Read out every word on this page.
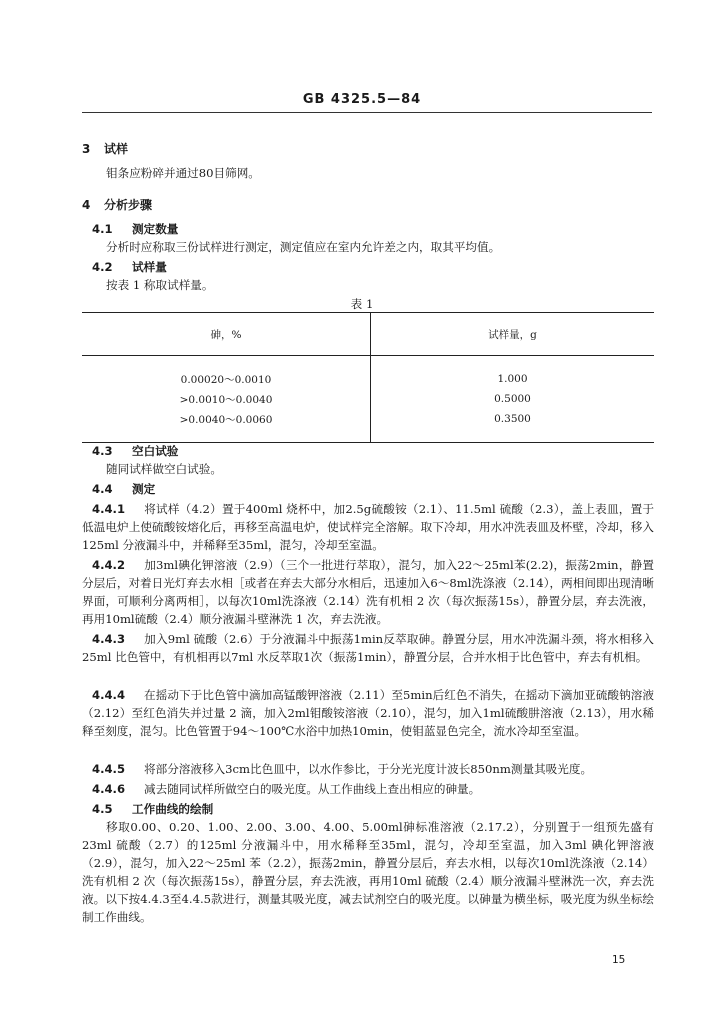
GB 4325.5—84
3 试样
钼条应粉碎并通过80目筛网。
4 分析步骤
4.1 测定数量
分析时应称取三份试样进行测定，测定值应在室内允许差之内，取其平均值。
4.2 试样量
按表 1 称取试样量。
表 1
砷，%	试样量，g
0.00020～0.0010	1.000
>0.0010～0.0040	0.5000
>0.0040～0.0060	0.3500
4.3 空白试验
随同试样做空白试验。
4.4 测定
4.4.1 将试样（4.2）置于400ml 烧杯中，加2.5g硫酸铵（2.1）、11.5ml 硫酸（2.3），盖上表皿，置于低温电炉上使硫酸铵熔化后，再移至高温电炉，使试样完全溶解。取下冷却，用水冲洗表皿及杯壁，冷却，移入125ml 分液漏斗中，并稀释至35ml，混匀，冷却至室温。
4.4.2 加3ml碘化钾溶液（2.9）（三个一批进行萃取），混匀，加入22～25ml苯(2.2)，振荡2min，静置分层后，对着日光灯弃去水相［或者在弃去大部分水相后，迅速加入6～8ml洗涤液（2.14），两相间即出现清晰界面，可顺利分离两相］，以每次10ml洗涤液（2.14）洗有机相 2 次（每次振荡15s），静置分层，弃去洗液，再用10ml硫酸（2.4）顺分液漏斗壁淋洗 1 次，弃去洗液。
4.4.3 加入9ml 硫酸（2.6）于分液漏斗中振荡1min反萃取砷。静置分层，用水冲洗漏斗颈，将水相移入25ml 比色管中，有机相再以7ml 水反萃取1次（振荡1min），静置分层，合并水相于比色管中，弃去有机相。
4.4.4 在摇动下于比色管中滴加高锰酸钾溶液（2.11）至5min后红色不消失，在摇动下滴加亚硫酸钠溶液（2.12）至红色消失并过量 2 滴，加入2ml钼酸铵溶液（2.10），混匀，加入1ml硫酸肼溶液（2.13），用水稀释至刻度，混匀。比色管置于94～100℃水浴中加热10min，使钼蓝显色完全，流水冷却至室温。
4.4.5 将部分溶液移入3cm比色皿中，以水作参比，于分光光度计波长850nm测量其吸光度。
4.4.6 减去随同试样所做空白的吸光度。从工作曲线上查出相应的砷量。
4.5 工作曲线的绘制
移取0.00、0.20、1.00、2.00、3.00、4.00、5.00ml砷标准溶液（2.17.2），分别置于一组预先盛有23ml 硫酸（2.7）的125ml 分液漏斗中，用水稀释至35ml，混匀，冷却至室温，加入3ml 碘化钾溶液（2.9），混匀，加入22～25ml 苯（2.2），振荡2min，静置分层后，弃去水相，以每次10ml洗涤液（2.14）洗有机相 2 次（每次振荡15s），静置分层，弃去洗液，再用10ml 硫酸（2.4）顺分液漏斗壁淋洗一次，弃去洗液。以下按4.4.3至4.4.5款进行，测量其吸光度，减去试剂空白的吸光度。以砷量为横坐标，吸光度为纵坐标绘制工作曲线。
15
